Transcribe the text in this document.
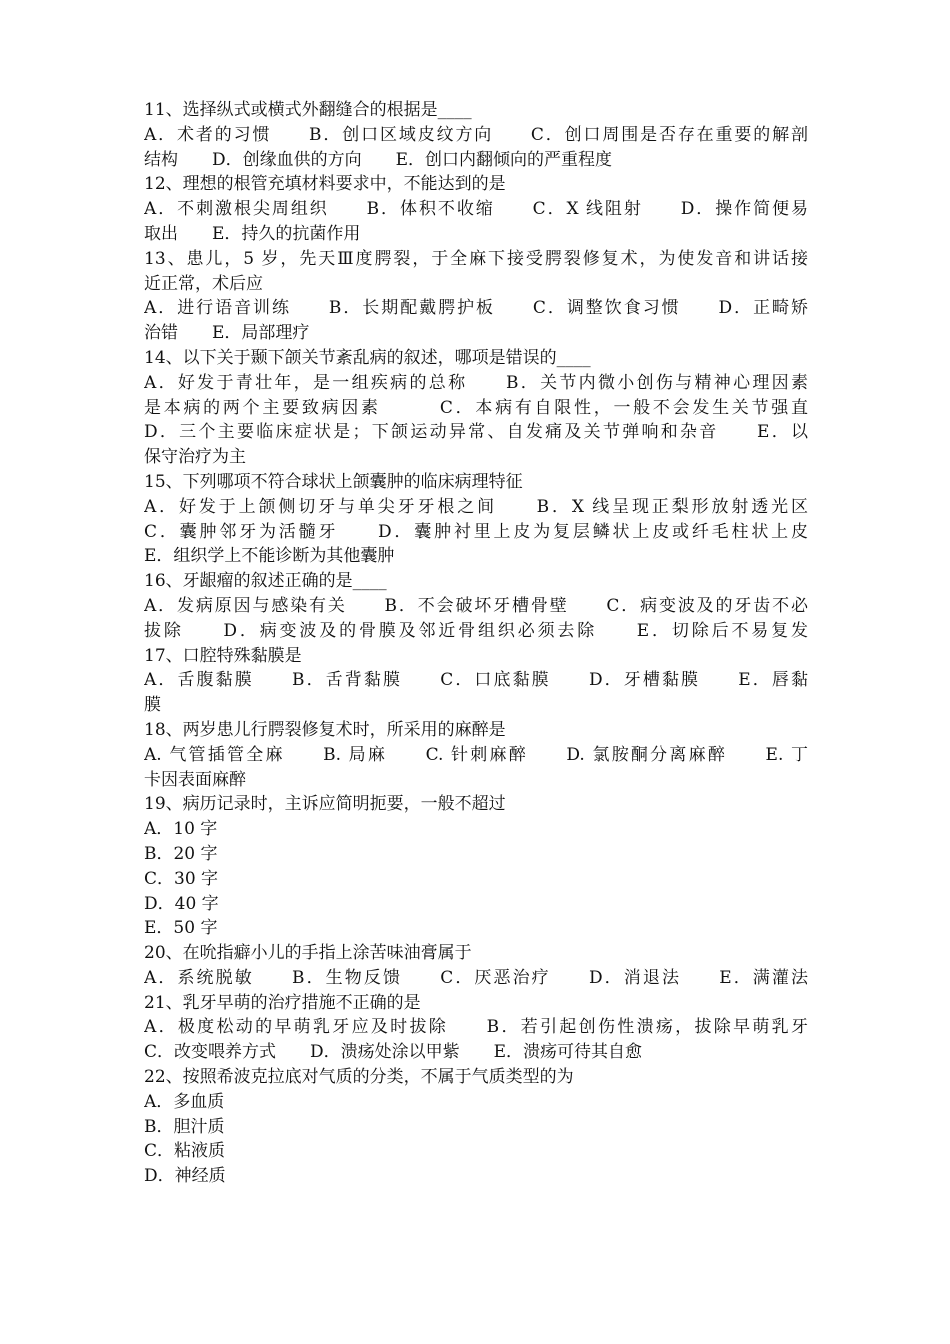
11、选择纵式或横式外翻缝合的根据是____
A．术者的习惯　　B．创口区域皮纹方向　　C．创口周围是否存在重要的解剖
结构　　D．创缘血供的方向　　E．创口内翻倾向的严重程度
12、理想的根管充填材料要求中，不能达到的是
A．不刺激根尖周组织　　B．体积不收缩　　C．X 线阻射　　D．操作简便易
取出　　E．持久的抗菌作用
13、患儿，5 岁，先天Ⅲ度腭裂，于全麻下接受腭裂修复术，为使发音和讲话接
近正常，术后应
A．进行语音训练　　B．长期配戴腭护板　　C．调整饮食习惯　　D．正畸矫
治错　　E．局部理疗
14、以下关于颞下颌关节紊乱病的叙述，哪项是错误的____
A．好发于青壮年，是一组疾病的总称　　B．关节内微小创伤与精神心理因素
是本病的两个主要致病因素　　　C．本病有自限性，一般不会发生关节强直
D．三个主要临床症状是；下颌运动异常、自发痛及关节弹响和杂音　　E．以
保守治疗为主
15、下列哪项不符合球状上颌囊肿的临床病理特征
A．好发于上颌侧切牙与单尖牙牙根之间　　B．X 线呈现正梨形放射透光区
C．囊肿邻牙为活髓牙　　D．囊肿衬里上皮为复层鳞状上皮或纤毛柱状上皮
E．组织学上不能诊断为其他囊肿
16、牙龈瘤的叙述正确的是____
A．发病原因与感染有关　　B．不会破坏牙槽骨壁　　C．病变波及的牙齿不必
拔除　　D．病变波及的骨膜及邻近骨组织必须去除　　E．切除后不易复发
17、口腔特殊黏膜是
A．舌腹黏膜　　B．舌背黏膜　　C．口底黏膜　　D．牙槽黏膜　　E．唇黏
膜
18、两岁患儿行腭裂修复术时，所采用的麻醉是
A. 气管插管全麻　　B. 局麻　　C. 针刺麻醉　　D. 氯胺酮分离麻醉　　E. 丁
卡因表面麻醉
19、病历记录时，主诉应简明扼要，一般不超过
A．10 字
B．20 字
C．30 字
D．40 字
E．50 字
20、在吮指癖小儿的手指上涂苦味油膏属于
A．系统脱敏　　B．生物反馈　　C．厌恶治疗　　D．消退法　　E．满灌法
21、乳牙早萌的治疗措施不正确的是
A．极度松动的早萌乳牙应及时拔除　　B．若引起创伤性溃疡，拔除早萌乳牙
C．改变喂养方式　　D．溃疡处涂以甲紫　　E．溃疡可待其自愈
22、按照希波克拉底对气质的分类，不属于气质类型的为
A．多血质
B．胆汁质
C．粘液质
D．神经质
